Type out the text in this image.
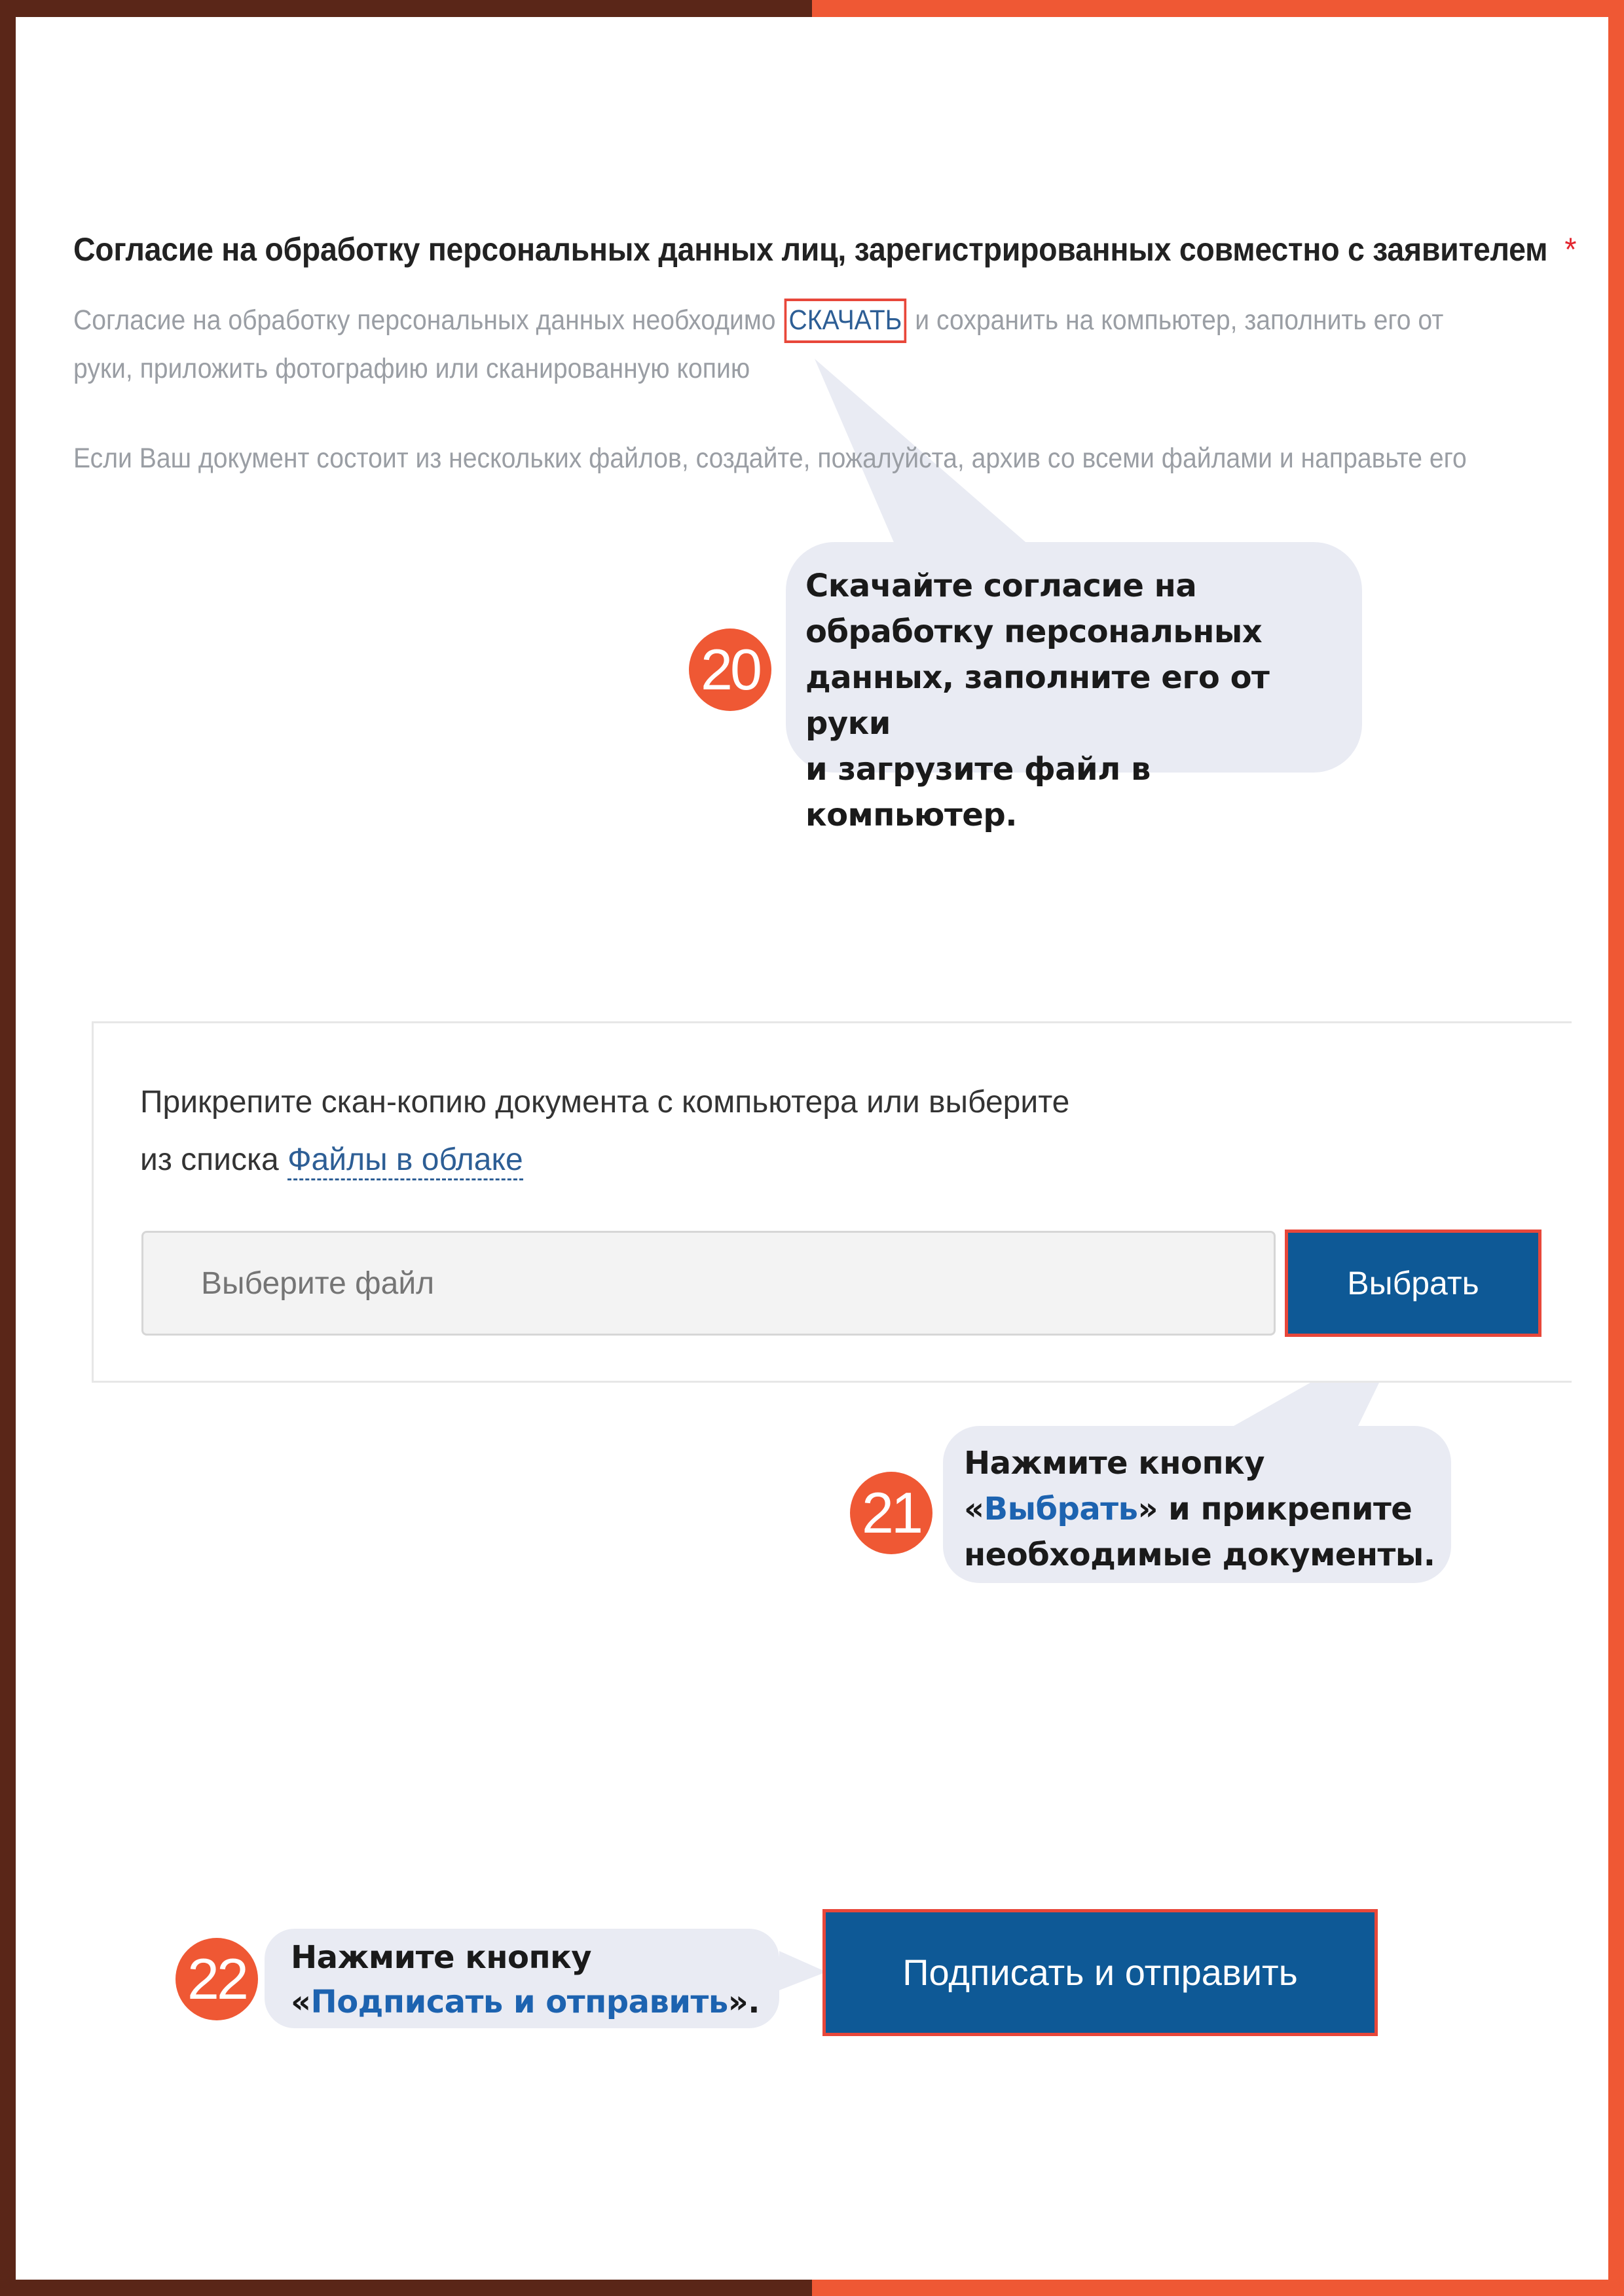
Согласие на обработку персональных данных лиц, зарегистрированных совместно с заявителем *
Согласие на обработку персональных данных необходимо СКАЧАТЬ и сохранить на компьютер, заполнить его от руки, приложить фотографию или сканированную копию
Если Ваш документ состоит из нескольких файлов, создайте, пожалуйста, архив со всеми файлами и направьте его
Скачайте согласие на
обработку персональных
данных, заполните его от руки
и загрузите файл в компьютер.
20
Прикрепите скан-копию документа с компьютера или выберите
из списка Файлы в облаке
Выберите файл
Выбрать
Нажмите кнопку
«Выбрать» и прикрепите
необходимые документы.
21
Подписать и отправить
Нажмите кнопку
«Подписать и отправить».
22
